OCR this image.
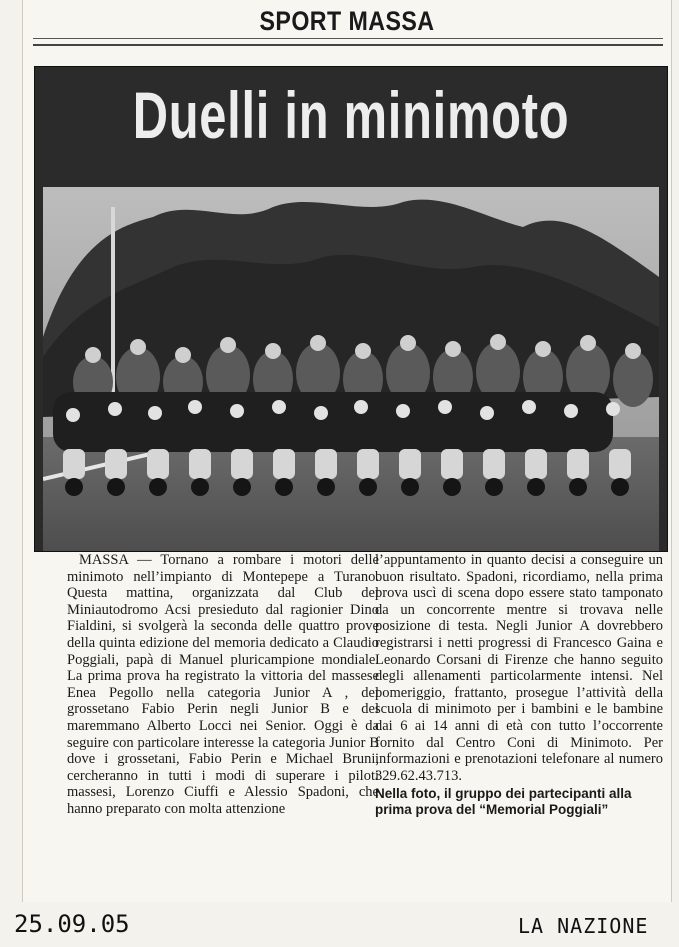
SPORT MASSA
Duelli in minimoto
MASSA — Tornano a rombare i motori delle minimoto nell’impianto di Montepepe a Turano. Questa mattina, organizzata dal Club del Miniautodromo Acsi presieduto dal ragionier Dino Fialdini, si svolgerà la seconda delle quattro prove della quinta edizione del memoria dedicato a Claudio Poggiali, papà di Manuel pluricampione mondiale. La prima prova ha registrato la vittoria del massese Enea Pegollo nella categoria Junior A , del grossetano Fabio Perin negli Junior B e del maremmano Alberto Locci nei Senior. Oggi è da seguire con particolare interesse la categoria Junior B dove i grossetani, Fabio Perin e Michael Bruni, cercheranno in tutti i modi di superare i piloti massesi, Lorenzo Ciuffi e Alessio Spadoni, che hanno preparato con molta attenzione
l’appuntamento in quanto decisi a conseguire un buon risultato. Spadoni, ricordiamo, nella prima prova uscì di scena dopo essere stato tamponato da un concorrente mentre si trovava nelle posizione di testa. Negli Junior A dovrebbero registrarsi i netti progressi di Francesco Gaina e Leonardo Corsani di Firenze che hanno seguito degli allenamenti particolarmente intensi. Nel pomeriggio, frattanto, prosegue l’attività della scuola di minimoto per i bambini e le bambine dai 6 ai 14 anni di età con tutto l’occorrente fornito dal Centro Coni di Minimoto. Per informazioni e prenotazioni telefonare al numero 329.62.43.713.
Nella foto, il gruppo dei partecipanti alla prima prova del “Memorial Poggiali”
25.09.05	LA NAZIONE
